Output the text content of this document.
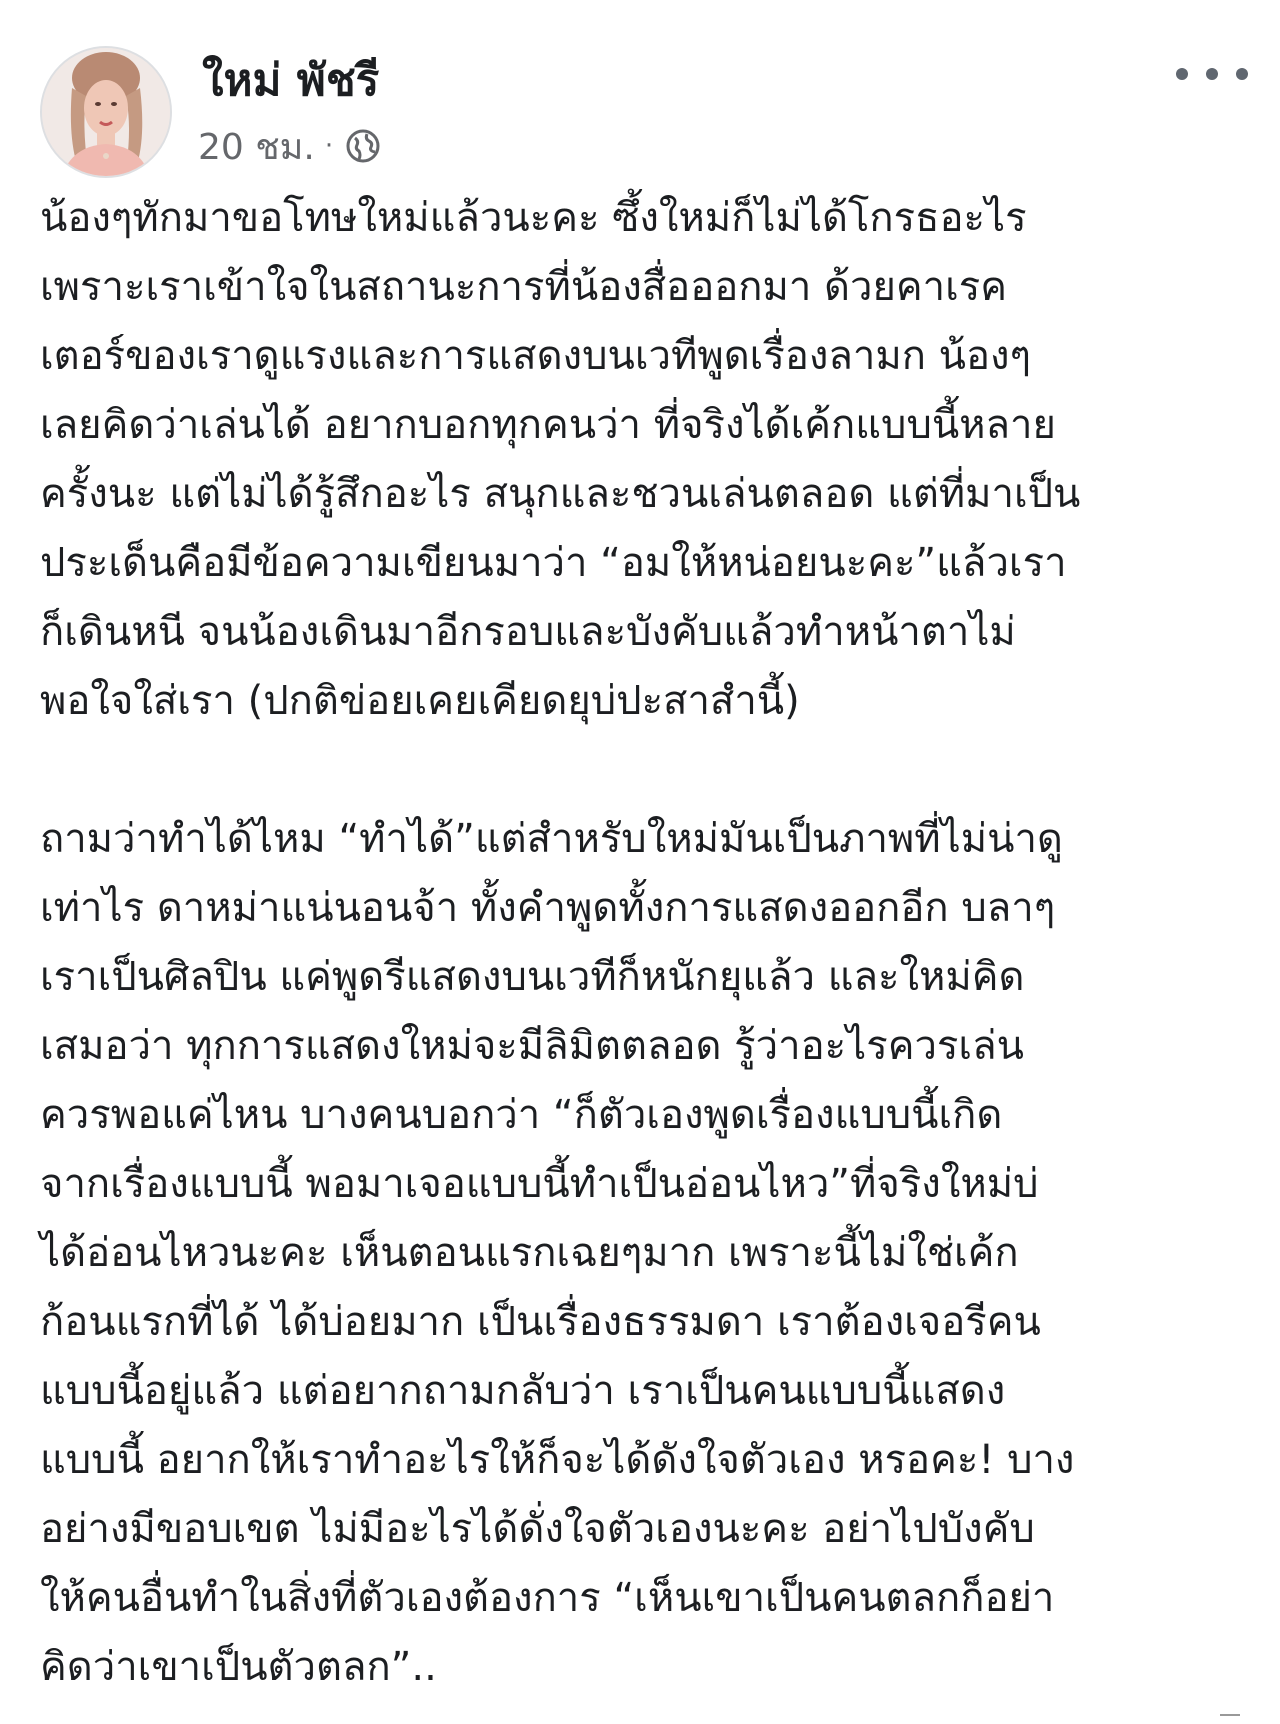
ใหม่ พัชรี
20 ชม. ·

น้องๆทักมาขอโทษใหม่แล้วนะคะ ซึ้งใหม่ก็ไม่ได้โกรธอะไร

เพราะเราเข้าใจในสถานะการที่น้องสื่อออกมา ด้วยคาเรค

เตอร์ของเราดูแรงและการแสดงบนเวทีพูดเรื่องลามก น้องๆ

เลยคิดว่าเล่นได้ อยากบอกทุกคนว่า ที่จริงได้เค้กแบบนี้หลาย

ครั้งนะ แต่ไม่ได้รู้สึกอะไร สนุกและชวนเล่นตลอด แต่ที่มาเป็น

ประเด็นคือมีข้อความเขียนมาว่า “อมให้หน่อยนะคะ”แล้วเรา

ก็เดินหนี จนน้องเดินมาอีกรอบและบังคับแล้วทำหน้าตาไม่

พอใจใส่เรา (ปกติข่อยเคยเคียดยุบ่ปะสาสำนี้)

ถามว่าทำได้ไหม “ทำได้”แต่สำหรับใหม่มันเป็นภาพที่ไม่น่าดู

เท่าไร ดาหม่าแน่นอนจ้า ทั้งคำพูดทั้งการแสดงออกอีก บลาๆ

เราเป็นศิลปิน แค่พูดรีแสดงบนเวทีก็หนักยุแล้ว และใหม่คิด

เสมอว่า ทุกการแสดงใหม่จะมีลิมิตตลอด รู้ว่าอะไรควรเล่น

ควรพอแค่ไหน บางคนบอกว่า “ก็ตัวเองพูดเรื่องแบบนี้เกิด

จากเรื่องแบบนี้ พอมาเจอแบบนี้ทำเป็นอ่อนไหว”ที่จริงใหม่บ่

ได้อ่อนไหวนะคะ เห็นตอนแรกเฉยๆมาก เพราะนี้ไม่ใช่เค้ก

ก้อนแรกที่ได้ ได้บ่อยมาก เป็นเรื่องธรรมดา เราต้องเจอรีคน

แบบนี้อยู่แล้ว แต่อยากถามกลับว่า เราเป็นคนแบบนี้แสดง

แบบนี้ อยากให้เราทำอะไรให้ก็จะได้ดังใจตัวเอง หรอคะ! บาง

อย่างมีขอบเขต ไม่มีอะไรได้ดั่งใจตัวเองนะคะ อย่าไปบังคับ

ให้คนอื่นทำในสิ่งที่ตัวเองต้องการ “เห็นเขาเป็นคนตลกก็อย่า

คิดว่าเขาเป็นตัวตลก”..
